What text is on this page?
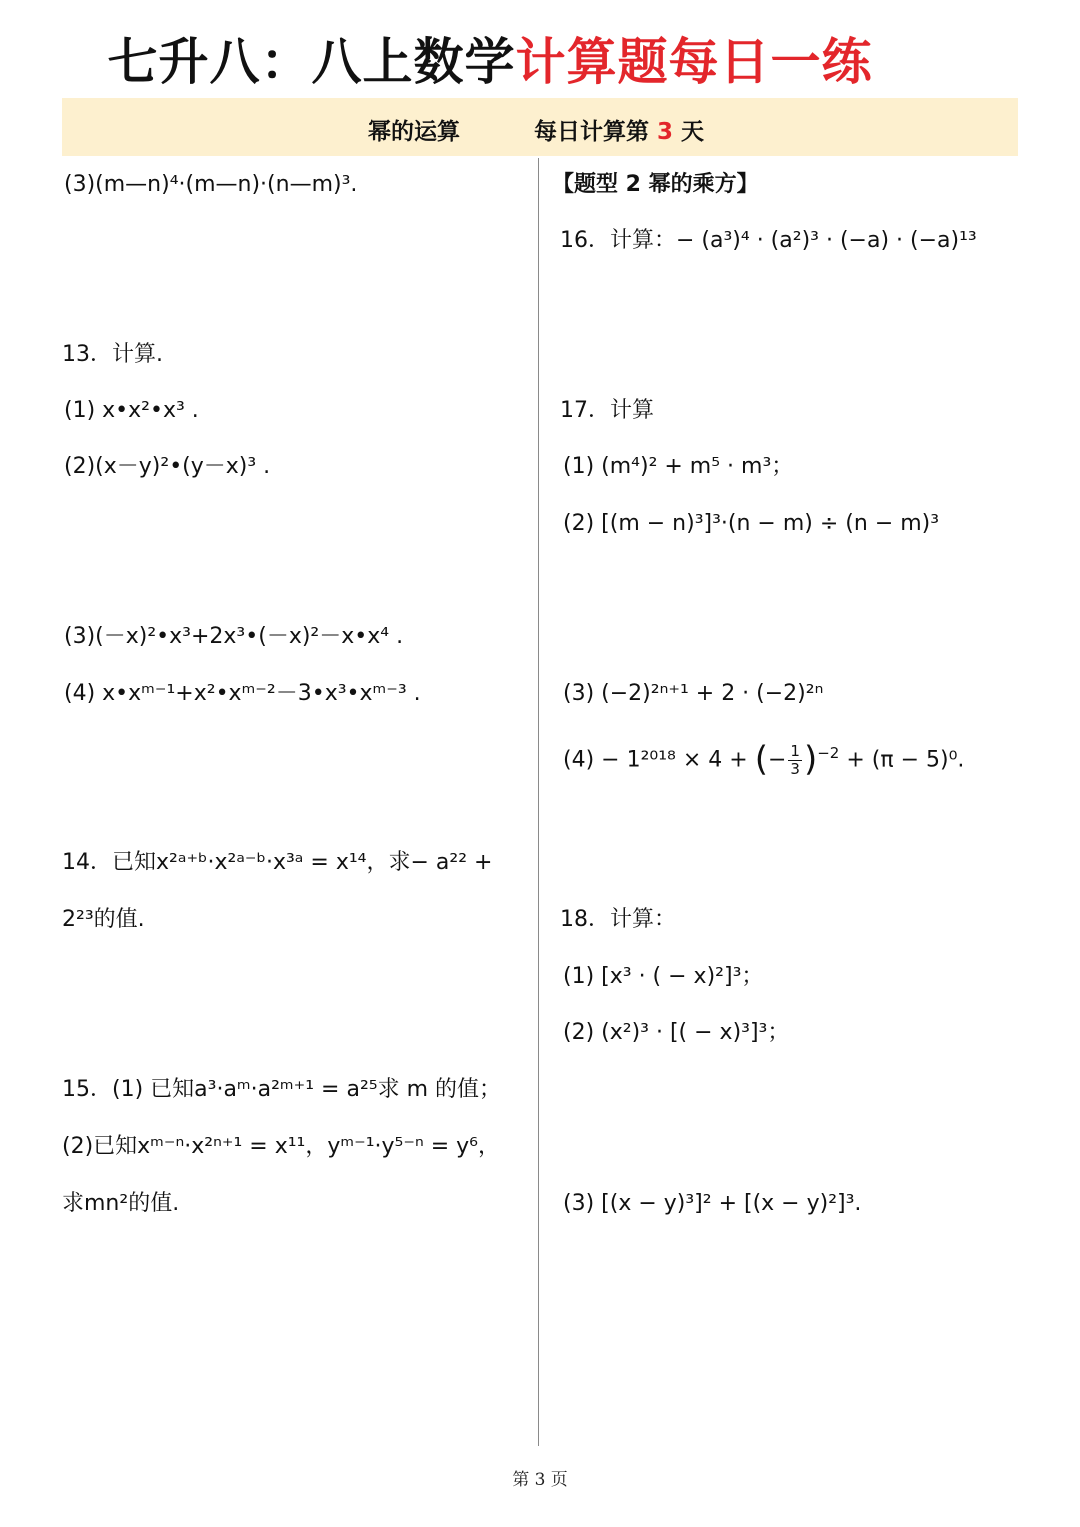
七升八：八上数学计算题每日一练
幂的运算	每日计算第 3 天
(3)(m—n)⁴·(m—n)·(n—m)³.
13．计算.
(1) x•x²•x³ .
(2)(x－y)²•(y－x)³ .
(3)(－x)²•x³+2x³•(－x)²－x•x⁴ .
(4) x•xᵐ⁻¹+x²•xᵐ⁻²－3•x³•xᵐ⁻³ .
14．已知x²ᵃ⁺ᵇ·x²ᵃ⁻ᵇ·x³ᵃ = x¹⁴，求− a²² +
2²³的值.
15．(1) 已知a³·aᵐ·a²ᵐ⁺¹ = a²⁵求 m 的值；
(2)已知xᵐ⁻ⁿ·x²ⁿ⁺¹ = x¹¹，yᵐ⁻¹·y⁵⁻ⁿ = y⁶，
求mn²的值.
【题型 2 幂的乘方】
16．计算：− (a³)⁴ · (a²)³ · (−a) · (−a)¹³
17．计算
(1) (m⁴)² + m⁵ · m³；
(2) [(m − n)³]³·(n − m) ÷ (n − m)³
(3) (−2)²ⁿ⁺¹ + 2 · (−2)²ⁿ
(4) − 1²⁰¹⁸ × 4 + (− $\frac{1}{3} )^{-2} + (\pi - 5)^0$.
18．计算：
(1) [x³ · ( − x)²]³；
(2) (x²)³ · [( − x)³]³；
(3) [(x − y)³]² + [(x − y)²]³.
第 3 页
